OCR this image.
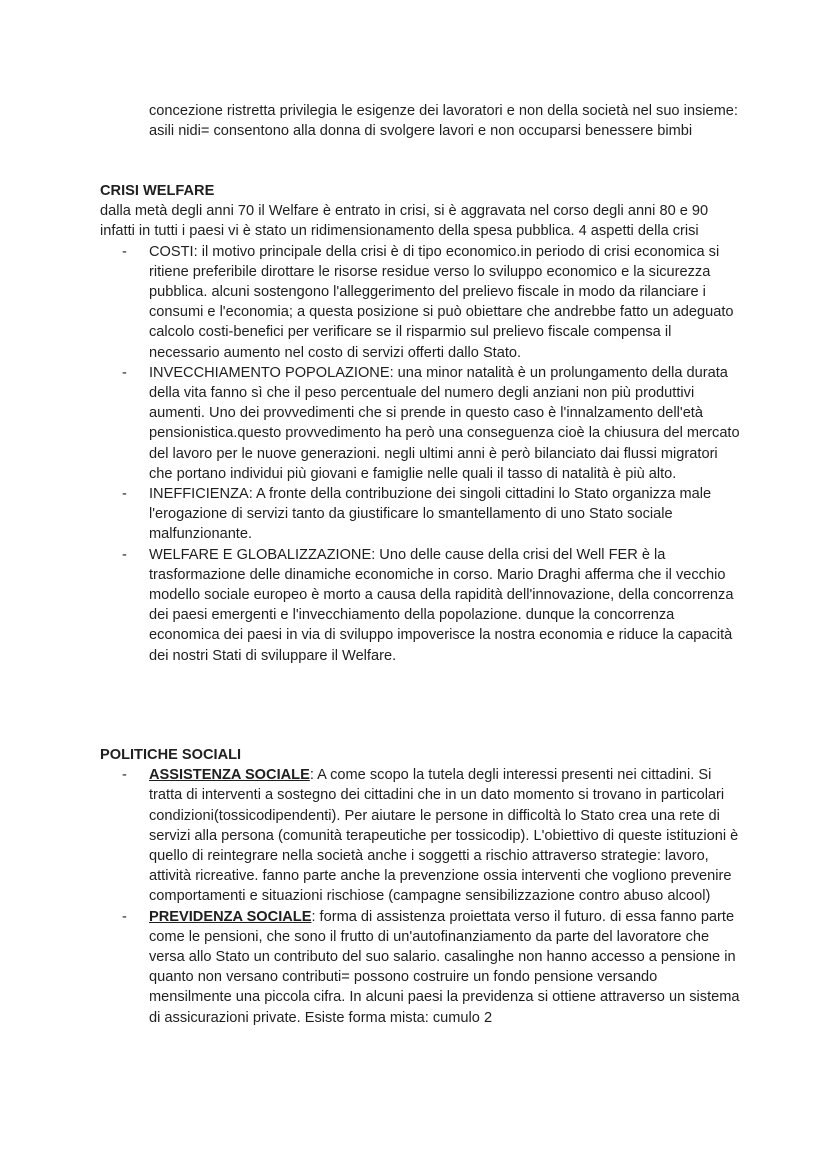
concezione ristretta privilegia le esigenze dei lavoratori e non della società nel suo insieme: asili nidi= consentono alla donna di svolgere lavori e non occuparsi benessere bimbi

CRISI WELFARE

dalla metà degli anni 70 il Welfare è entrato in crisi, si è aggravata nel corso degli anni 80 e 90 infatti in tutti i paesi vi è stato un ridimensionamento della spesa pubblica. 4 aspetti della crisi

- COSTI: il motivo principale della crisi è di tipo economico.in periodo di crisi economica si ritiene preferibile dirottare le risorse residue verso lo sviluppo economico e la sicurezza pubblica. alcuni sostengono l'alleggerimento del prelievo fiscale in modo da rilanciare i consumi e l'economia; a questa posizione si può obiettare che andrebbe fatto un adeguato calcolo costi-benefici per verificare se il risparmio sul prelievo fiscale compensa il necessario aumento nel costo di servizi offerti dallo Stato.
- INVECCHIAMENTO POPOLAZIONE: una minor natalità è un prolungamento della durata della vita fanno sì che il peso percentuale del numero degli anziani non più produttivi aumenti. Uno dei provvedimenti che si prende in questo caso è l'innalzamento dell'età pensionistica.questo provvedimento ha però una conseguenza cioè la chiusura del mercato del lavoro per le nuove generazioni. negli ultimi anni è però bilanciato dai flussi migratori che portano individui più giovani e famiglie nelle quali il tasso di natalità è più alto.
- INEFFICIENZA: A fronte della contribuzione dei singoli cittadini lo Stato organizza male l'erogazione di servizi tanto da giustificare lo smantellamento di uno Stato sociale malfunzionante.
- WELFARE E GLOBALIZZAZIONE: Uno delle cause della crisi del Well FER è la trasformazione delle dinamiche economiche in corso. Mario Draghi afferma che il vecchio modello sociale europeo è morto a causa della rapidità dell'innovazione, della concorrenza dei paesi emergenti e l'invecchiamento della popolazione. dunque la concorrenza economica dei paesi in via di sviluppo impoverisce la nostra economia e riduce la capacità dei nostri Stati di sviluppare il Welfare.

POLITICHE SOCIALI

- ASSISTENZA SOCIALE: A come scopo la tutela degli interessi presenti nei cittadini. Si tratta di interventi a sostegno dei cittadini che in un dato momento si trovano in particolari condizioni(tossicodipendenti). Per aiutare le persone in difficoltà lo Stato crea una rete di servizi alla persona (comunità terapeutiche per tossicodip). L'obiettivo di queste istituzioni è quello di reintegrare nella società anche i soggetti a rischio attraverso strategie: lavoro, attività ricreative. fanno parte anche la prevenzione ossia interventi che vogliono prevenire comportamenti e situazioni rischiose (campagne sensibilizzazione contro abuso alcool)
- PREVIDENZA SOCIALE: forma di assistenza proiettata verso il futuro. di essa fanno parte come le pensioni, che sono il frutto di un'autofinanziamento da parte del lavoratore che versa allo Stato un contributo del suo salario. casalinghe non hanno accesso a pensione in quanto non versano contributi= possono costruire un fondo pensione versando mensilmente una piccola cifra. In alcuni paesi la previdenza si ottiene attraverso un sistema di assicurazioni private. Esiste forma mista: cumulo 2
